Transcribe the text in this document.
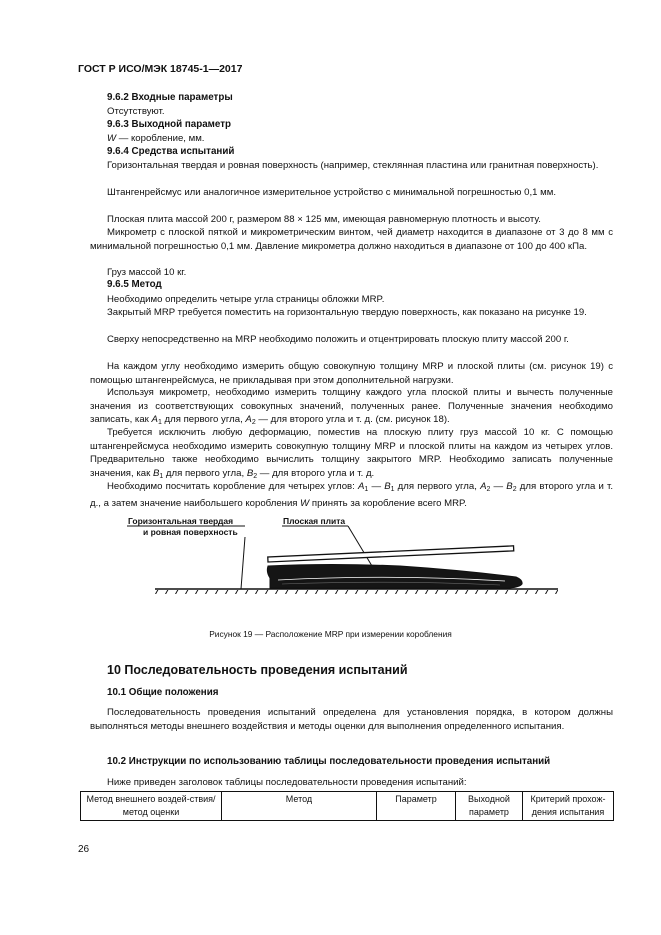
ГОСТ Р ИСО/МЭК 18745-1—2017
9.6.2 Входные параметры
Отсутствуют.
9.6.3 Выходной параметр
W — коробление, мм.
9.6.4 Средства испытаний
Горизонтальная твердая и ровная поверхность (например, стеклянная пластина или гранитная поверхность).
Штангенрейсмус или аналогичное измерительное устройство с минимальной погрешностью 0,1 мм.
Плоская плита массой 200 г, размером 88 × 125 мм, имеющая равномерную плотность и высоту.
Микрометр с плоской пяткой и микрометрическим винтом, чей диаметр находится в диапазоне от 3 до 8 мм с минимальной погрешностью 0,1 мм. Давление микрометра должно находиться в диапазоне от 100 до 400 кПа.
Груз массой 10 кг.
9.6.5 Метод
Необходимо определить четыре угла страницы обложки MRP.
Закрытый MRP требуется поместить на горизонтальную твердую поверхность, как показано на рисунке 19.
Сверху непосредственно на MRP необходимо положить и отцентрировать плоскую плиту массой 200 г.
На каждом углу необходимо измерить общую совокупную толщину MRP и плоской плиты (см. рисунок 19) с помощью штангенрейсмуса, не прикладывая при этом дополнительной нагрузки.
Используя микрометр, необходимо измерить толщину каждого угла плоской плиты и вычесть полученные значения из соответствующих совокупных значений, полученных ранее. Полученные значения необходимо записать, как $A_1$ для первого угла, $A_2$ — для второго угла и т. д. (см. рисунок 18).
Требуется исключить любую деформацию, поместив на плоскую плиту груз массой 10 кг. С помощью штангенрейсмуса необходимо измерить совокупную толщину MRP и плоской плиты на каждом из четырех углов. Предварительно также необходимо вычислить толщину закрытого MRP. Необходимо записать полученные значения, как $B_1$ для первого угла, $B_2$ — для второго угла и т. д.
Необходимо посчитать коробление для четырех углов: $A_1$ — $B_1$ для первого угла, $A_2$ — $B_2$ для второго угла и т. д., а затем значение наибольшего коробления W принять за коробление всего MRP.
Горизонтальная твердая
и ровная поверхность
Плоская плита
Рисунок 19 — Расположение MRP при измерении коробления
10 Последовательность проведения испытаний
10.1 Общие положения
Последовательность проведения испытаний определена для установления порядка, в котором должны выполняться методы внешнего воздействия и методы оценки для выполнения определенного испытания.
10.2 Инструкции по использованию таблицы последовательности проведения испытаний
Ниже приведен заголовок таблицы последовательности проведения испытаний:
Метод внешнего воздей-ствия/ метод оценки	Метод	Параметр	Выходной параметр	Критерий прохож-дения испытания
26
